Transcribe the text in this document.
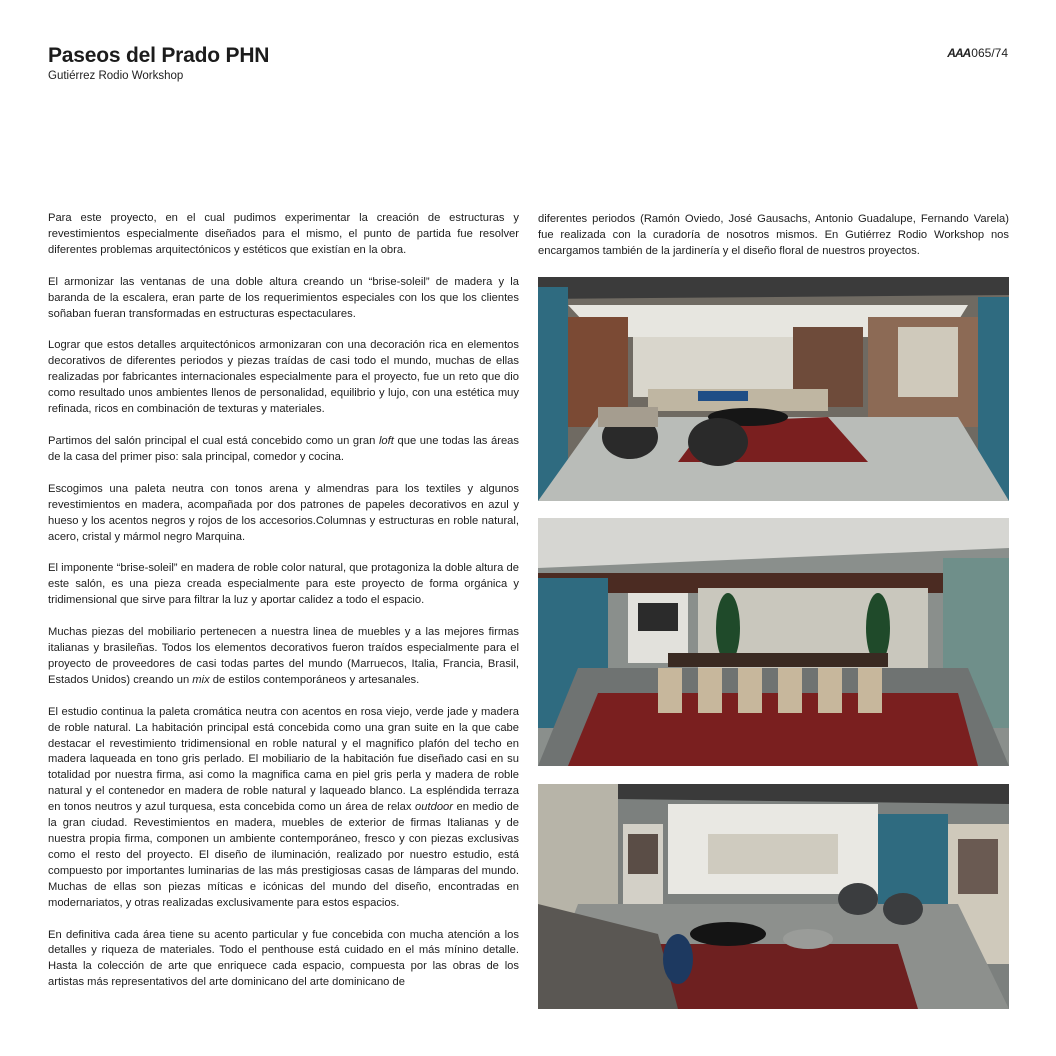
Paseos del Prado PHN
Gutiérrez Rodio Workshop
AAA065/74

Para este proyecto, en el cual pudimos experimentar la creación de estructuras y revestimientos especialmente diseñados para el mismo, el punto de partida fue resolver diferentes problemas arquitectónicos y estéticos que existían en la obra.

El armonizar las ventanas de una doble altura creando un “brise-soleil” de madera y la baranda de la escalera, eran parte de los requerimientos especiales con los que los clientes soñaban fueran transformadas en estructuras espectaculares.

Lograr que estos detalles arquitectónicos armonizaran con una decoración rica en elementos decorativos de diferentes periodos y piezas traídas de casi todo el mundo, muchas de ellas realizadas por fabricantes internacionales especialmente para el proyecto, fue un reto que dio como resultado unos ambientes llenos de personalidad, equilibrio y lujo, con una estética muy refinada, ricos en combinación de texturas y materiales.

Partimos del salón principal el cual está concebido como un gran loft que une todas las áreas de la casa del primer piso: sala principal, comedor y cocina.

Escogimos una paleta neutra con tonos arena y almendras para los textiles y algunos revestimientos en madera, acompañada por dos patrones de papeles decorativos en azul y hueso y los acentos negros y rojos de los accesorios.Columnas y estructuras en roble natural, acero, cristal y mármol negro Marquina.

El imponente “brise-soleil” en madera de roble color natural, que protagoniza la doble altura de este salón, es una pieza creada especialmente para este proyecto de forma orgánica y tridimensional que sirve para filtrar la luz y aportar calidez a todo el espacio.

Muchas piezas del mobiliario pertenecen a nuestra linea de muebles y a las mejores firmas italianas y brasileñas. Todos los elementos decorativos fueron traídos especialmente para el proyecto de proveedores de casi todas partes del mundo (Marruecos, Italia, Francia, Brasil, Estados Unidos) creando un mix de estilos contemporáneos y artesanales.

El estudio continua la paleta cromática neutra con acentos en rosa viejo, verde jade y madera de roble natural. La habitación principal está concebida como una gran suite en la que cabe destacar el revestimiento tridimensional en roble natural y el magnifico plafón del techo en madera laqueada en tono gris perlado. El mobiliario de la habitación fue diseñado casi en su totalidad por nuestra firma, asi como la magnifica cama en piel gris perla y madera de roble natural y el contenedor en madera de roble natural y laqueado blanco. La espléndida terraza en tonos neutros y azul turquesa, esta concebida como un área de relax outdoor en medio de la gran ciudad. Revestimientos en madera, muebles de exterior de firmas Italianas y de nuestra propia firma, componen un ambiente contemporáneo, fresco y con piezas exclusivas como el resto del proyecto. El diseño de iluminación, realizado por nuestro estudio, está compuesto por importantes luminarias de las más prestigiosas casas de lámparas del mundo. Muchas de ellas son piezas míticas e icónicas del mundo del diseño, encontradas en modernariatos, y otras realizadas exclusivamente para estos espacios.

En definitiva cada área tiene su acento particular y fue concebida con mucha atención a los detalles y riqueza de materiales. Todo el penthouse está cuidado en el más mínino detalle. Hasta la colección de arte que enriquece cada espacio, compuesta por las obras de los artistas más representativos del arte dominicano del arte dominicano de

diferentes periodos (Ramón Oviedo, José Gausachs, Antonio Guadalupe, Fernando Varela) fue realizada con la curadoría de nosotros mismos. En Gutiérrez Rodio Workshop nos encargamos también de la jardinería y el diseño floral de nuestros proyectos.
